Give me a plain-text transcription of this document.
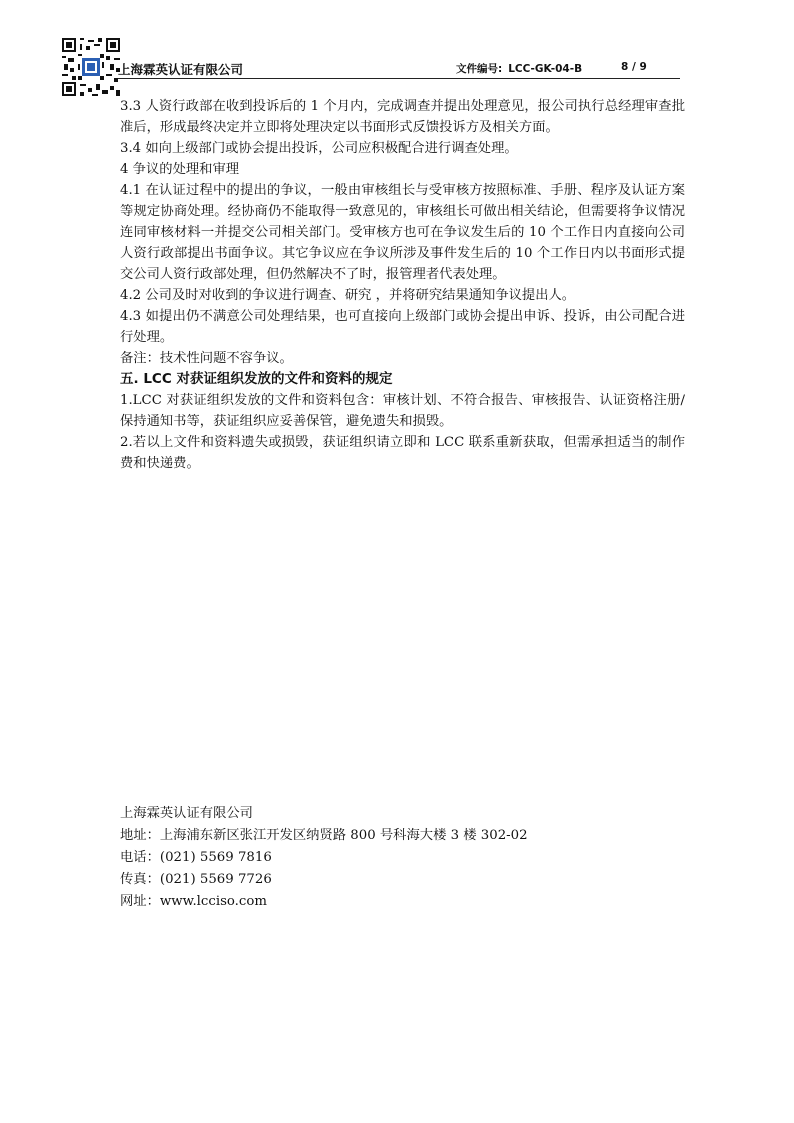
上海霖英认证有限公司	文件编号: LCC-GK-04-B	8 / 9

3.3 人资行政部在收到投诉后的 1 个月内，完成调查并提出处理意见，报公司执行总经理审查批准后，形成最终决定并立即将处理决定以书面形式反馈投诉方及相关方面。

3.4 如向上级部门或协会提出投诉，公司应积极配合进行调查处理。

4 争议的处理和审理

4.1 在认证过程中的提出的争议，一般由审核组长与受审核方按照标准、手册、程序及认证方案等规定协商处理。经协商仍不能取得一致意见的，审核组长可做出相关结论，但需要将争议情况连同审核材料一并提交公司相关部门。受审核方也可在争议发生后的 10 个工作日内直接向公司人资行政部提出书面争议。其它争议应在争议所涉及事件发生后的 10 个工作日内以书面形式提交公司人资行政部处理，但仍然解决不了时，报管理者代表处理。

4.2 公司及时对收到的争议进行调查、研究 ，并将研究结果通知争议提出人。

4.3 如提出仍不满意公司处理结果，也可直接向上级部门或协会提出申诉、投诉，由公司配合进行处理。

备注：技术性问题不容争议。

五. LCC 对获证组织发放的文件和资料的规定

1.LCC 对获证组织发放的文件和资料包含：审核计划、不符合报告、审核报告、认证资格注册/保持通知书等，获证组织应妥善保管，避免遗失和损毁。

2.若以上文件和资料遗失或损毁，获证组织请立即和 LCC 联系重新获取，但需承担适当的制作费和快递费。

上海霖英认证有限公司

地址：上海浦东新区张江开发区纳贤路 800 号科海大楼 3 楼 302-02

电话：(021) 5569 7816

传真：(021) 5569 7726

网址：www.lcciso.com
